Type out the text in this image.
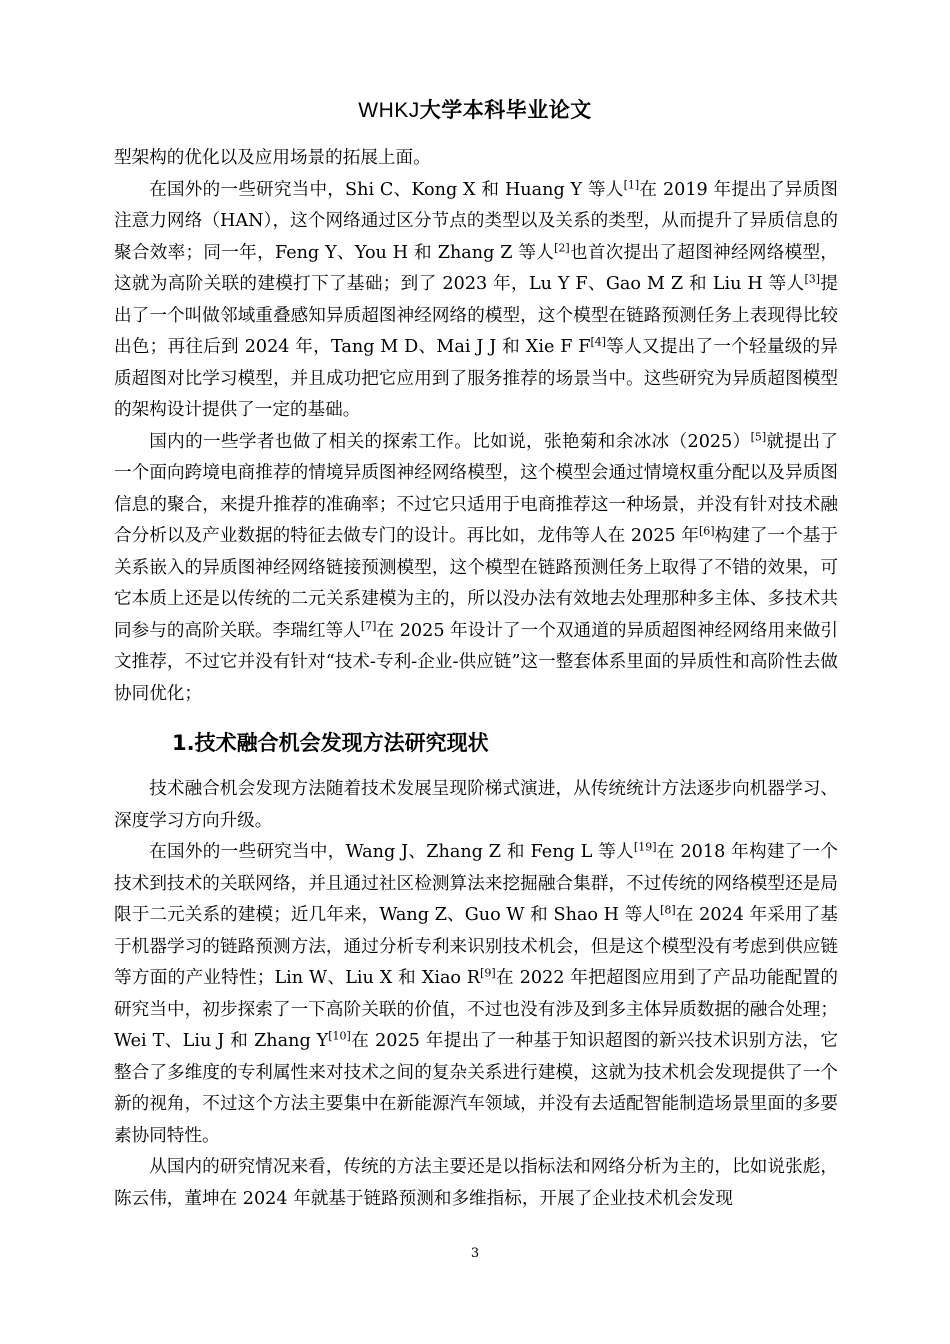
WHKJ大学本科毕业论文

型架构的优化以及应用场景的拓展上面。

在国外的一些研究当中，Shi C、Kong X 和 Huang Y 等人[1]在 2019 年提出了异质图注意力网络（HAN），这个网络通过区分节点的类型以及关系的类型，从而提升了异质信息的聚合效率；同一年，Feng Y、You H 和 Zhang Z 等人[2]也首次提出了超图神经网络模型，这就为高阶关联的建模打下了基础；到了 2023 年，Lu Y F、Gao M Z 和 Liu H 等人[3]提出了一个叫做邻域重叠感知异质超图神经网络的模型，这个模型在链路预测任务上表现得比较出色；再往后到 2024 年，Tang M D、Mai J J 和 Xie F F[4]等人又提出了一个轻量级的异质超图对比学习模型，并且成功把它应用到了服务推荐的场景当中。这些研究为异质超图模型的架构设计提供了一定的基础。

国内的一些学者也做了相关的探索工作。比如说，张艳菊和余冰冰（2025）[5]就提出了一个面向跨境电商推荐的情境异质图神经网络模型，这个模型会通过情境权重分配以及异质图信息的聚合，来提升推荐的准确率；不过它只适用于电商推荐这一种场景，并没有针对技术融合分析以及产业数据的特征去做专门的设计。再比如，龙伟等人在 2025 年[6]构建了一个基于关系嵌入的异质图神经网络链接预测模型，这个模型在链路预测任务上取得了不错的效果，可它本质上还是以传统的二元关系建模为主的，所以没办法有效地去处理那种多主体、多技术共同参与的高阶关联。李瑞红等人[7]在 2025 年设计了一个双通道的异质超图神经网络用来做引文推荐，不过它并没有针对“技术-专利-企业-供应链”这一整套体系里面的异质性和高阶性去做协同优化；

1.技术融合机会发现方法研究现状

技术融合机会发现方法随着技术发展呈现阶梯式演进，从传统统计方法逐步向机器学习、深度学习方向升级。

在国外的一些研究当中，Wang J、Zhang Z 和 Feng L 等人[19]在 2018 年构建了一个技术到技术的关联网络，并且通过社区检测算法来挖掘融合集群，不过传统的网络模型还是局限于二元关系的建模；近几年来，Wang Z、Guo W 和 Shao H 等人[8]在 2024 年采用了基于机器学习的链路预测方法，通过分析专利来识别技术机会，但是这个模型没有考虑到供应链等方面的产业特性；Lin W、Liu X 和 Xiao R[9]在 2022 年把超图应用到了产品功能配置的研究当中，初步探索了一下高阶关联的价值，不过也没有涉及到多主体异质数据的融合处理；Wei T、Liu J 和 Zhang Y[10]在 2025 年提出了一种基于知识超图的新兴技术识别方法，它整合了多维度的专利属性来对技术之间的复杂关系进行建模，这就为技术机会发现提供了一个新的视角，不过这个方法主要集中在新能源汽车领域，并没有去适配智能制造场景里面的多要素协同特性。

从国内的研究情况来看，传统的方法主要还是以指标法和网络分析为主的，比如说张彪，陈云伟，董坤在 2024 年就基于链路预测和多维指标，开展了企业技术机会发现

3
